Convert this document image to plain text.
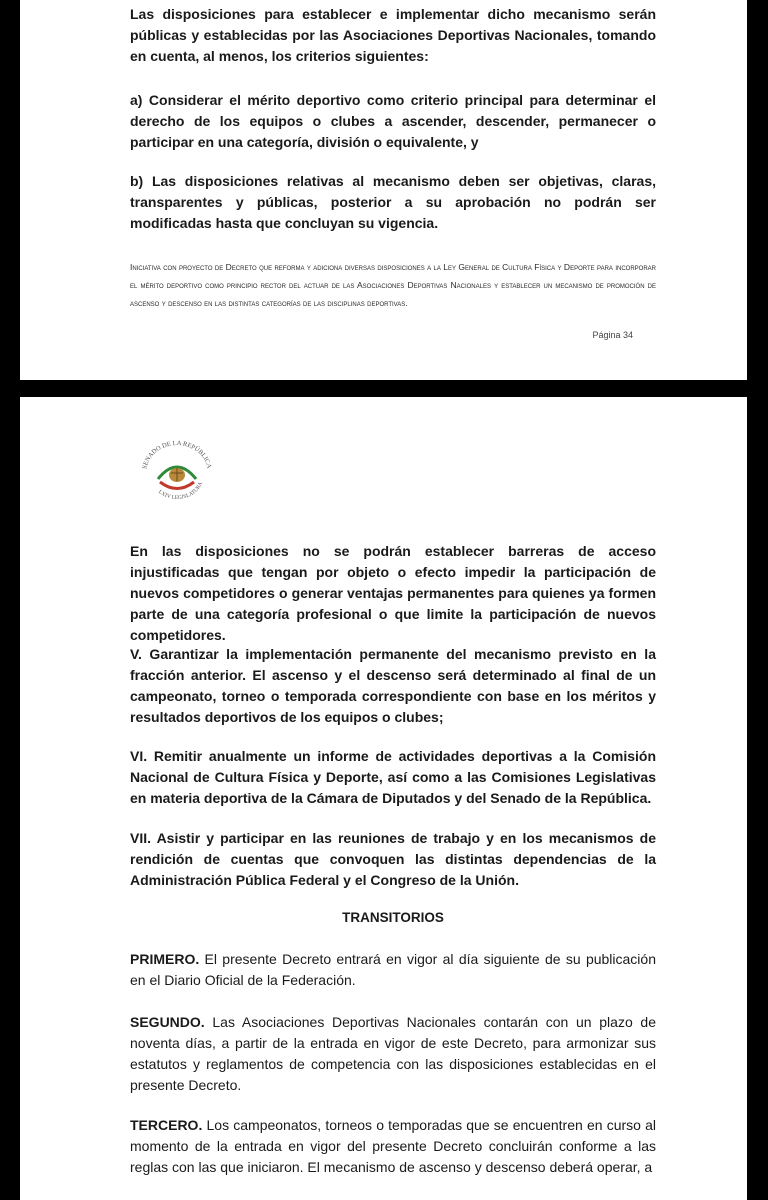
Las disposiciones para establecer e implementar dicho mecanismo serán públicas y establecidas por las Asociaciones Deportivas Nacionales, tomando en cuenta, al menos, los criterios siguientes:

a) Considerar el mérito deportivo como criterio principal para determinar el derecho de los equipos o clubes a ascender, descender, permanecer o participar en una categoría, división o equivalente, y

b) Las disposiciones relativas al mecanismo deben ser objetivas, claras, transparentes y públicas, posterior a su aprobación no podrán ser modificadas hasta que concluyan su vigencia.

Iniciativa con proyecto de Decreto que reforma y adiciona diversas disposiciones a la Ley General de Cultura Física y Deporte para incorporar el mérito deportivo como principio rector del actuar de las Asociaciones Deportivas Nacionales y establecer un mecanismo de promoción de ascenso y descenso en las distintas categorías de las disciplinas deportivas.

Página 34
SENADO DE LA REPÚBLICA
LXIV LEGISLATURA

En las disposiciones no se podrán establecer barreras de acceso injustificadas que tengan por objeto o efecto impedir la participación de nuevos competidores o generar ventajas permanentes para quienes ya formen parte de una categoría profesional o que limite la participación de nuevos competidores.

V. Garantizar la implementación permanente del mecanismo previsto en la fracción anterior. El ascenso y el descenso será determinado al final de un campeonato, torneo o temporada correspondiente con base en los méritos y resultados deportivos de los equipos o clubes;

VI. Remitir anualmente un informe de actividades deportivas a la Comisión Nacional de Cultura Física y Deporte, así como a las Comisiones Legislativas en materia deportiva de la Cámara de Diputados y del Senado de la República.

VII. Asistir y participar en las reuniones de trabajo y en los mecanismos de rendición de cuentas que convoquen las distintas dependencias de la Administración Pública Federal y el Congreso de la Unión.

TRANSITORIOS

PRIMERO. El presente Decreto entrará en vigor al día siguiente de su publicación en el Diario Oficial de la Federación.

SEGUNDO. Las Asociaciones Deportivas Nacionales contarán con un plazo de noventa días, a partir de la entrada en vigor de este Decreto, para armonizar sus estatutos y reglamentos de competencia con las disposiciones establecidas en el presente Decreto.

TERCERO. Los campeonatos, torneos o temporadas que se encuentren en curso al momento de la entrada en vigor del presente Decreto concluirán conforme a las reglas con las que iniciaron. El mecanismo de ascenso y descenso deberá operar, a
